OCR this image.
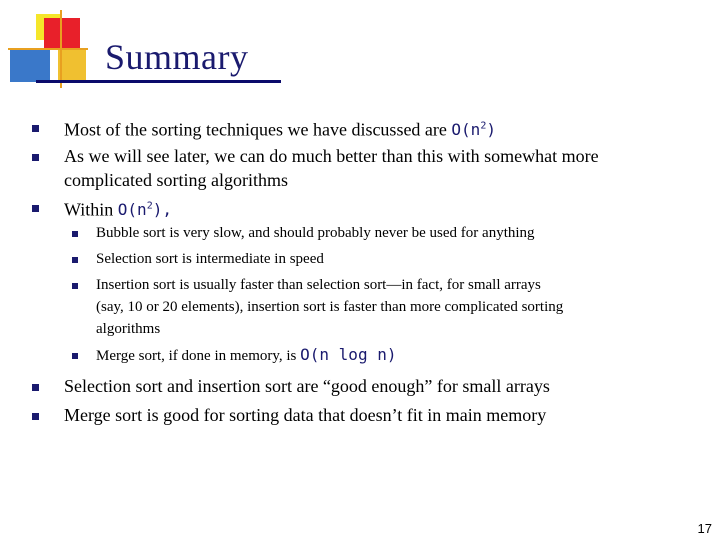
Summary
Most of the sorting techniques we have discussed are $O(n^2)$
As we will see later, we can do much better than this with somewhat more
complicated sorting algorithms
Within $O(n^2)$,
Bubble sort is very slow, and should probably never be used for anything
Selection sort is intermediate in speed
Insertion sort is usually faster than selection sort—in fact, for small arrays
(say, 10 or 20 elements), insertion sort is faster than more complicated sorting
algorithms
Merge sort, if done in memory, is O(n log n)
Selection sort and insertion sort are “good enough” for small arrays
Merge sort is good for sorting data that doesn’t fit in main memory
17
